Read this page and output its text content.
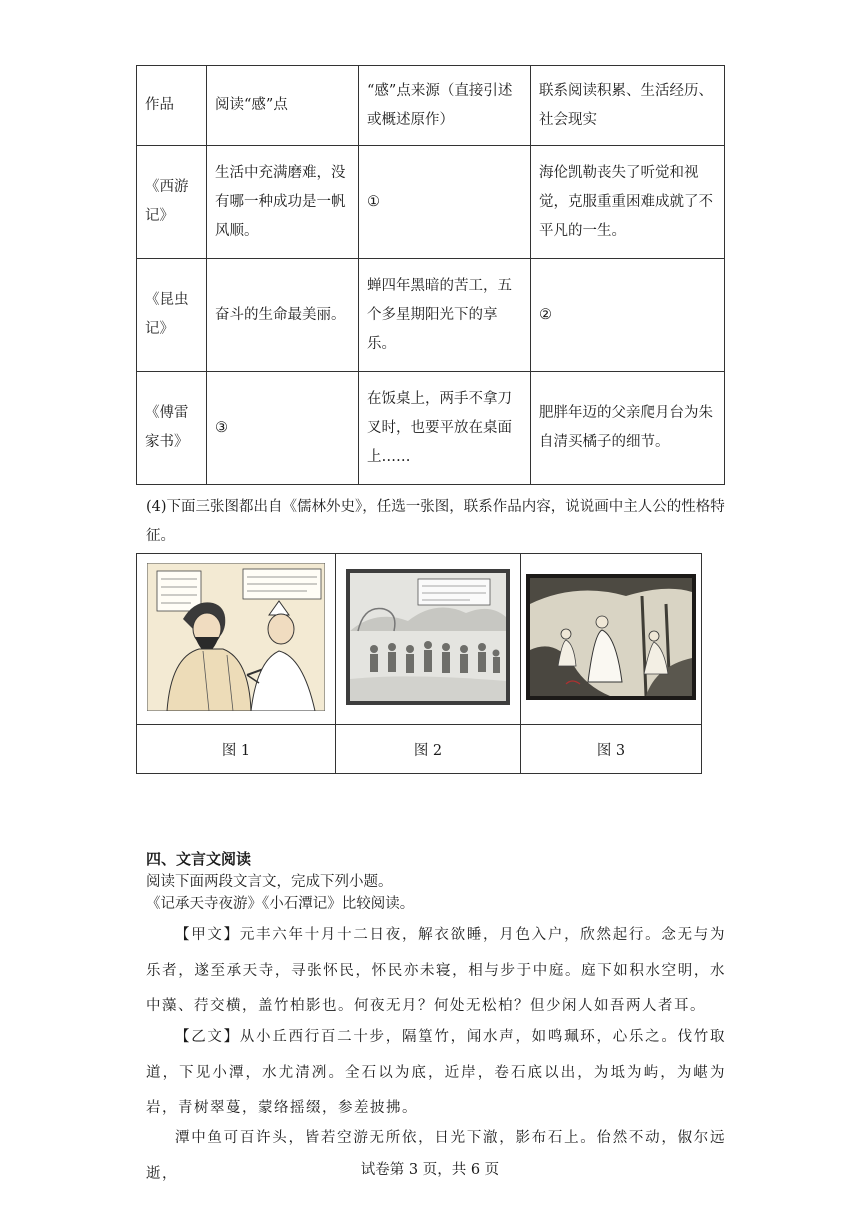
作品	阅读“感”点	“感”点来源（直接引述或概述原作）	联系阅读积累、生活经历、社会现实
《西游记》	生活中充满磨难，没有哪一种成功是一帆风顺。	①	海伦凯勒丧失了听觉和视觉，克服重重困难成就了不平凡的一生。
《昆虫记》	奋斗的生命最美丽。	蝉四年黑暗的苦工，五个多星期阳光下的享乐。	②
《傅雷家书》	③	在饭桌上，两手不拿刀叉时，也要平放在桌面上……	肥胖年迈的父亲爬月台为朱自清买橘子的细节。
(4)下面三张图都出自《儒林外史》，任选一张图，联系作品内容，说说画中主人公的性格特征。

图 1	图 2	图 3
四、文言文阅读
阅读下面两段文言文，完成下列小题。
《记承天寺夜游》《小石潭记》比较阅读。
【甲文】元丰六年十月十二日夜，解衣欲睡，月色入户，欣然起行。念无与为乐者，遂至承天寺，寻张怀民，怀民亦未寝，相与步于中庭。庭下如积水空明，水中藻、荇交横，盖竹柏影也。何夜无月？何处无松柏？但少闲人如吾两人者耳。
【乙文】从小丘西行百二十步，隔篁竹，闻水声，如鸣珮环，心乐之。伐竹取道，下见小潭，水尤清冽。全石以为底，近岸，卷石底以出，为坻为屿，为嵁为岩，青树翠蔓，蒙络摇缀，参差披拂。
潭中鱼可百许头，皆若空游无所依，日光下澈，影布石上。佁然不动，俶尔远逝，	试卷第 3 页，共 6 页
